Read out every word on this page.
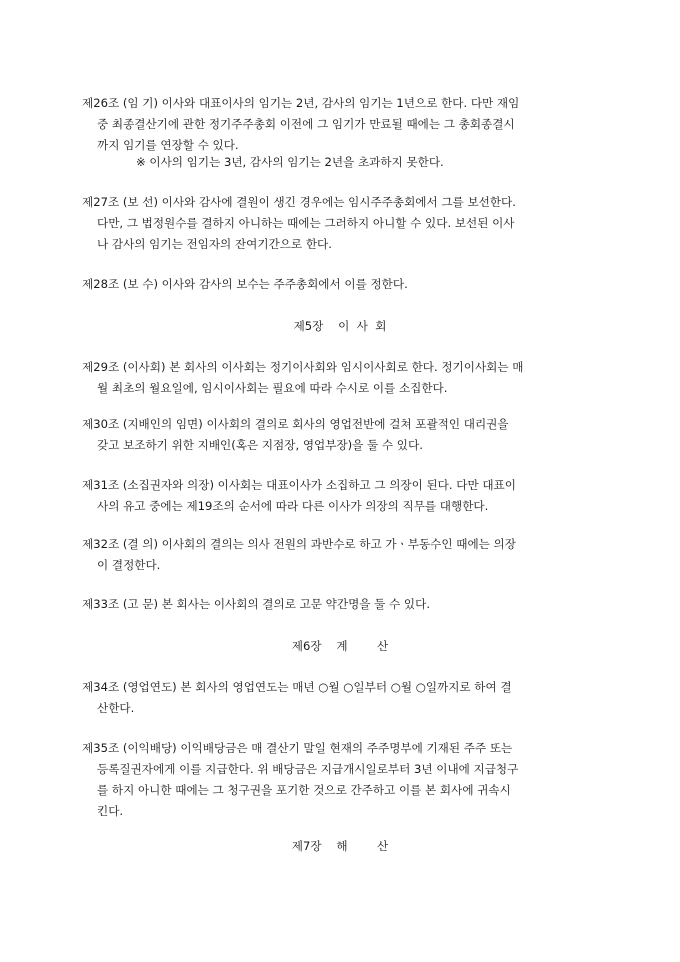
제26조 (임 기) 이사와 대표이사의 임기는 2년, 감사의 임기는 1년으로 한다. 다만 재임
중 최종결산기에 관한 정기주주총회 이전에 그 임기가 만료될 때에는 그 총회종결시
까지 임기를 연장할 수 있다.
※ 이사의 임기는 3년, 감사의 임기는 2년을 초과하지 못한다.
제27조 (보 선) 이사와 감사에 결원이 생긴 경우에는 임시주주총회에서 그를 보선한다.
다만, 그 법정원수를 결하지 아니하는 때에는 그러하지 아니할 수 있다. 보선된 이사
나 감사의 임기는 전임자의 잔여기간으로 한다.
제28조 (보 수) 이사와 감사의 보수는 주주총회에서 이를 정한다.
제5장    이  사  회
제29조 (이사회) 본 회사의 이사회는 정기이사회와 임시이사회로 한다. 정기이사회는 매
월 최초의 월요일에, 임시이사회는 필요에 따라 수시로 이를 소집한다.
제30조 (지배인의 임면) 이사회의 결의로 회사의 영업전반에 걸쳐 포괄적인 대리권을
갖고 보조하기 위한 지배인(혹은 지점장, 영업부장)을 둘 수 있다.
제31조 (소집권자와 의장) 이사회는 대표이사가 소집하고 그 의장이 된다. 다만 대표이
사의 유고 중에는 제19조의 순서에 따라 다른 이사가 의장의 직무를 대행한다.
제32조 (결 의) 이사회의 결의는 의사 전원의 과반수로 하고 가ㆍ부동수인 때에는 의장
이 결정한다.
제33조 (고 문) 본 회사는 이사회의 결의로 고문 약간명을 둘 수 있다.
제6장    계        산
제34조 (영업연도) 본 회사의 영업연도는 매년 ○월 ○일부터 ○월 ○일까지로 하여 결
산한다.
제35조 (이익배당) 이익배당금은 매 결산기 말일 현재의 주주명부에 기재된 주주 또는
등록질권자에게 이를 지급한다. 위 배당금은 지급개시일로부터 3년 이내에 지급청구
를 하지 아니한 때에는 그 청구권을 포기한 것으로 간주하고 이를 본 회사에 귀속시
킨다.
제7장    해        산
